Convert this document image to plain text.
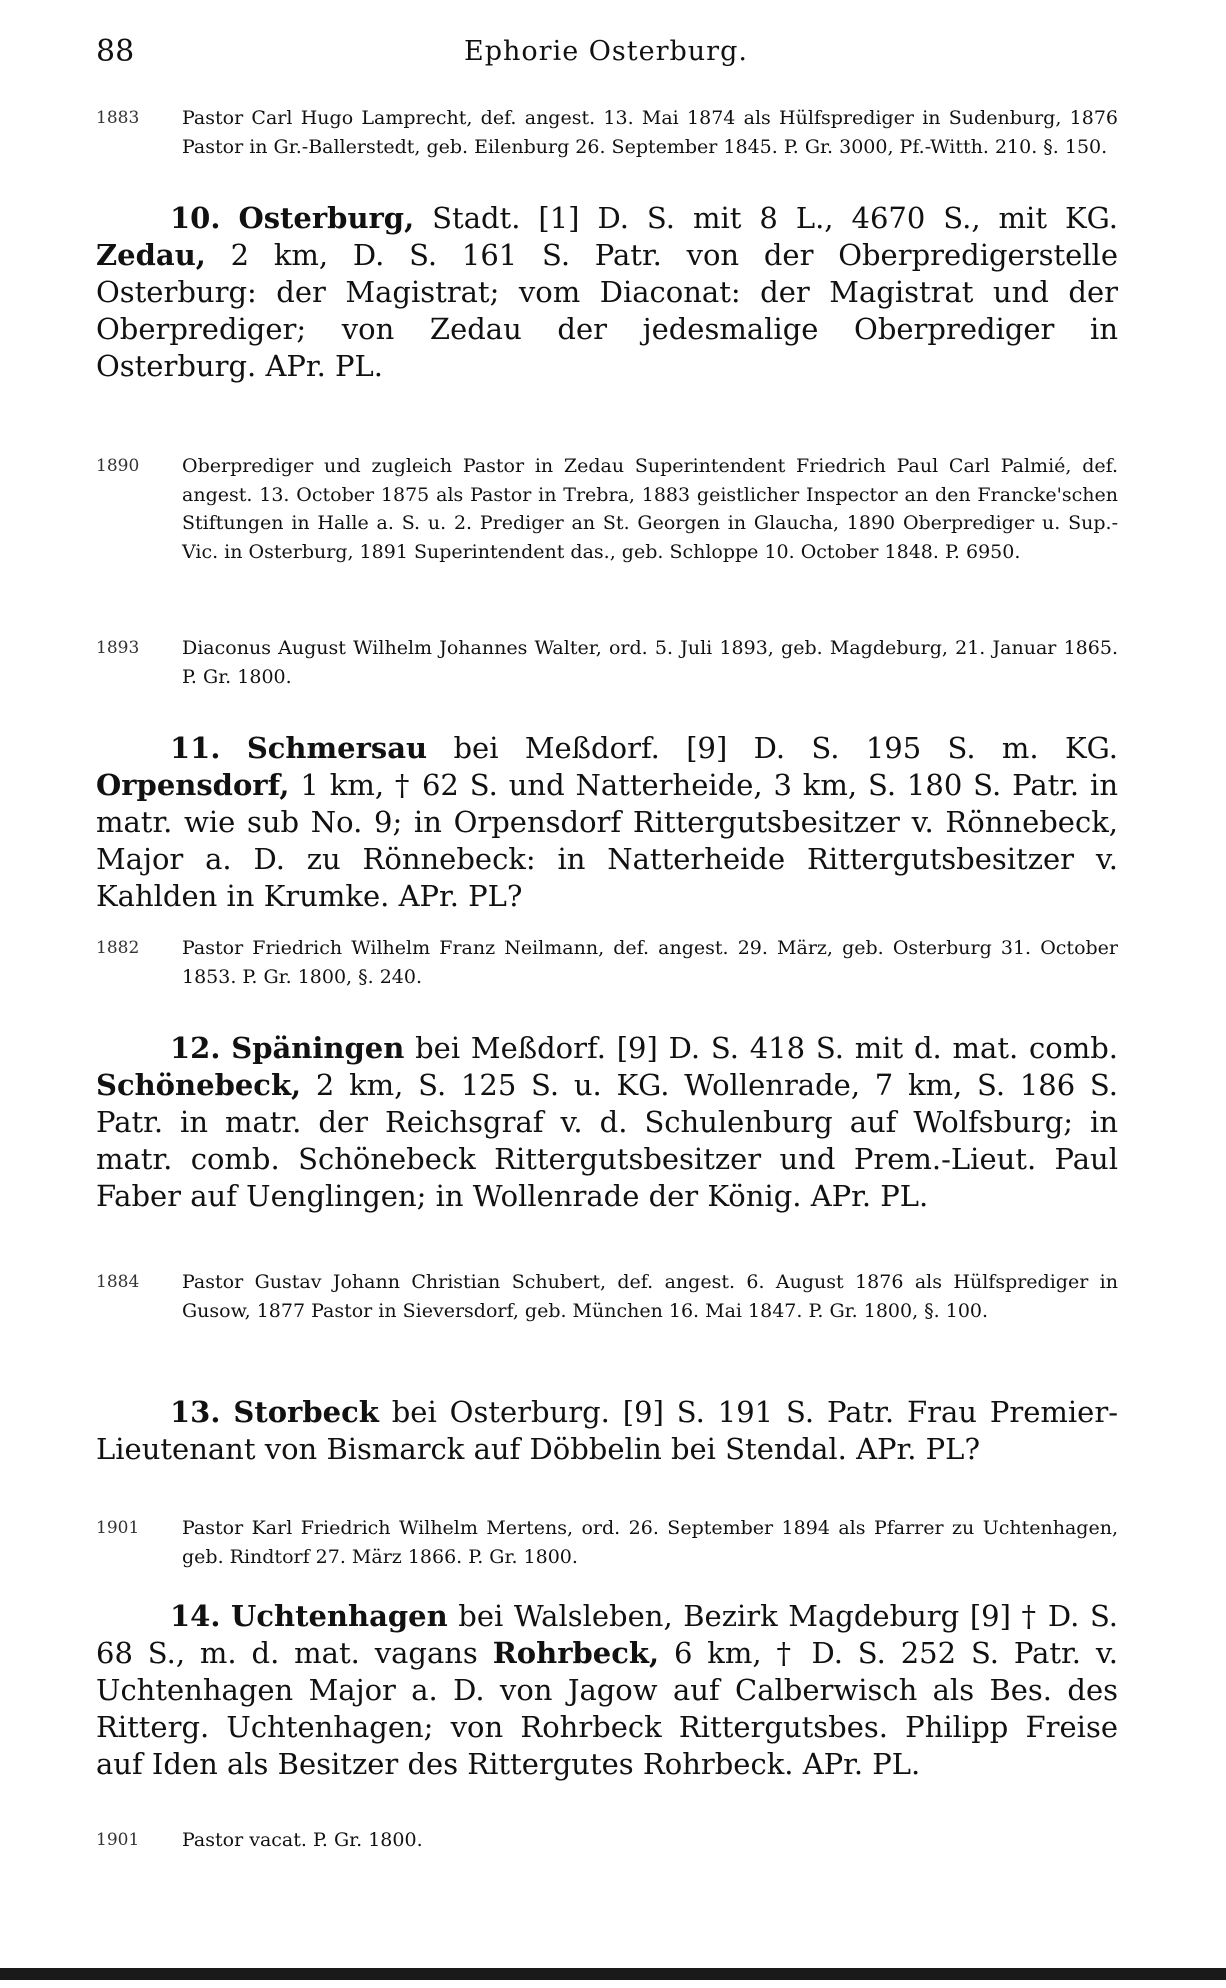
88	Ephorie Osterburg.
1883	Pastor Carl Hugo Lamprecht, def. angest. 13. Mai 1874 als Hülfsprediger in Sudenburg, 1876 Pastor in Gr.-Ballerstedt, geb. Eilenburg 26. September 1845. P. Gr. 3000, Pf.-Witth. 210. §. 150.
10. Osterburg, Stadt. [1] D. S. mit 8 L., 4670 S., mit KG. Zedau, 2 km, D. S. 161 S. Patr. von der Oberpredigerstelle Osterburg: der Magistrat; vom Diaconat: der Magistrat und der Oberprediger; von Zedau der jedesmalige Oberprediger in Osterburg. APr. PL.
1890	Oberprediger und zugleich Pastor in Zedau Superintendent Friedrich Paul Carl Palmié, def. angest. 13. October 1875 als Pastor in Trebra, 1883 geistlicher Inspector an den Francke'schen Stiftungen in Halle a. S. u. 2. Prediger an St. Georgen in Glaucha, 1890 Oberprediger u. Sup.-Vic. in Osterburg, 1891 Superintendent das., geb. Schloppe 10. October 1848. P. 6950.
1893	Diaconus August Wilhelm Johannes Walter, ord. 5. Juli 1893, geb. Magdeburg, 21. Januar 1865. P. Gr. 1800.
11. Schmersau bei Meßdorf. [9] D. S. 195 S. m. KG. Orpensdorf, 1 km, † 62 S. und Natterheide, 3 km, S. 180 S. Patr. in matr. wie sub No. 9; in Orpensdorf Rittergutsbesitzer v. Rönnebeck, Major a. D. zu Rönnebeck: in Natterheide Rittergutsbesitzer v. Kahlden in Krumke. APr. PL?
1882	Pastor Friedrich Wilhelm Franz Neilmann, def. angest. 29. März, geb. Osterburg 31. October 1853. P. Gr. 1800, §. 240.
12. Späningen bei Meßdorf. [9] D. S. 418 S. mit d. mat. comb. Schönebeck, 2 km, S. 125 S. u. KG. Wollenrade, 7 km, S. 186 S. Patr. in matr. der Reichsgraf v. d. Schulenburg auf Wolfsburg; in matr. comb. Schönebeck Rittergutsbesitzer und Prem.-Lieut. Paul Faber auf Uenglingen; in Wollenrade der König. APr. PL.
1884	Pastor Gustav Johann Christian Schubert, def. angest. 6. August 1876 als Hülfsprediger in Gusow, 1877 Pastor in Sieversdorf, geb. München 16. Mai 1847. P. Gr. 1800, §. 100.
13. Storbeck bei Osterburg. [9] S. 191 S. Patr. Frau Premier-Lieutenant von Bismarck auf Döbbelin bei Stendal. APr. PL?
1901	Pastor Karl Friedrich Wilhelm Mertens, ord. 26. September 1894 als Pfarrer zu Uchtenhagen, geb. Rindtorf 27. März 1866. P. Gr. 1800.
14. Uchtenhagen bei Walsleben, Bezirk Magdeburg [9] † D. S. 68 S., m. d. mat. vagans Rohrbeck, 6 km, † D. S. 252 S. Patr. v. Uchtenhagen Major a. D. von Jagow auf Calberwisch als Bes. des Ritterg. Uchtenhagen; von Rohrbeck Rittergutsbes. Philipp Freise auf Iden als Besitzer des Rittergutes Rohrbeck. APr. PL.
1901	Pastor vacat. P. Gr. 1800.
